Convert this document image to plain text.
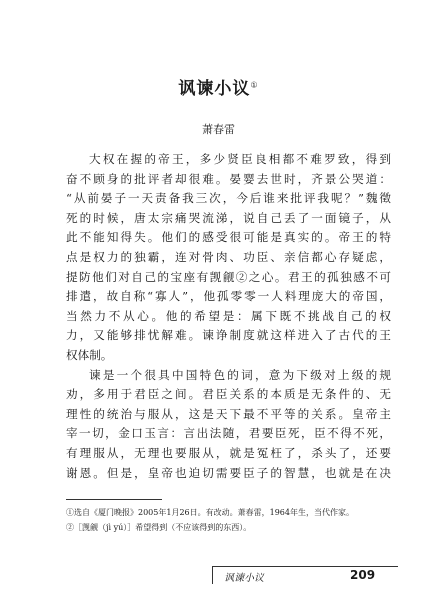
讽谏小议①
萧春雷
大权在握的帝王，多少贤臣良相都不难罗致，得到
奋不顾身的批评者却很难。晏婴去世时，齐景公哭道：
“从前晏子一天责备我三次，今后谁来批评我呢？”魏徵
死的时候，唐太宗痛哭流涕，说自己丢了一面镜子，从
此不能知得失。他们的感受很可能是真实的。帝王的特
点是权力的独霸，连对骨肉、功臣、亲信都心存疑虑，
提防他们对自己的宝座有觊觎②之心。君王的孤独感不可
排遣，故自称“寡人”，他孤零零一人料理庞大的帝国，
当然力不从心。他的希望是：属下既不挑战自己的权
力，又能够排忧解难。谏诤制度就这样进入了古代的王
权体制。
谏是一个很具中国特色的词，意为下级对上级的规
劝，多用于君臣之间。君臣关系的本质是无条件的、无
理性的统治与服从，这是天下最不平等的关系。皇帝主
宰一切，金口玉言：言出法随，君要臣死，臣不得不死，
有理服从，无理也要服从，就是冤枉了，杀头了，还要
谢恩。但是，皇帝也迫切需要臣子的智慧，也就是在决
①选自《厦门晚报》2005年1月26日。有改动。萧春雷，1964年生，当代作家。
②［觊觎（jì yú）］希望得到（不应该得到的东西）。
讽谏小议	209
